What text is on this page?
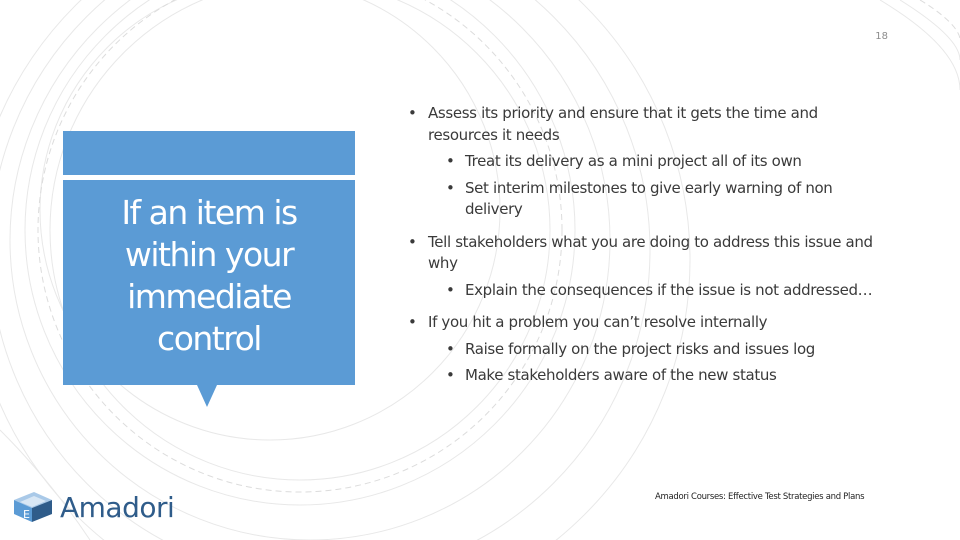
18
If an item is within your immediate control
• Assess its priority and ensure that it gets the time and resources it needs
• Treat its delivery as a mini project all of its own
• Set interim milestones to give early warning of non delivery
• Tell stakeholders what you are doing to address this issue and why
• Explain the consequences if the issue is not addressed…
• If you hit a problem you can’t resolve internally
• Raise formally on the project risks and issues log
• Make stakeholders aware of the new status
E Amadori	Amadori Courses: Effective Test Strategies and Plans
